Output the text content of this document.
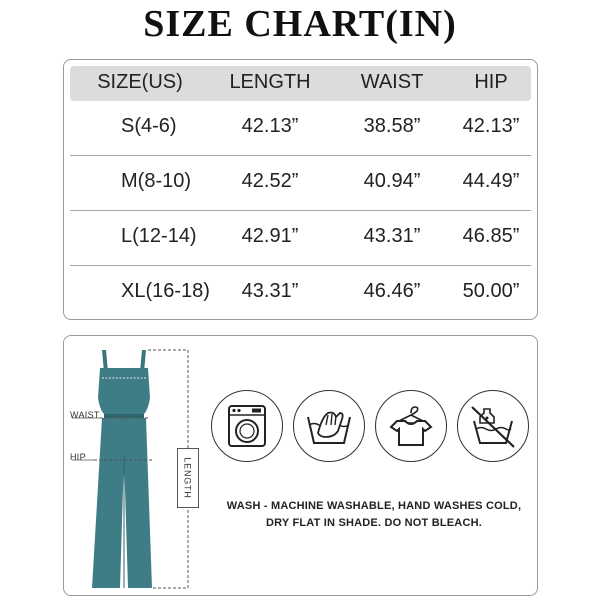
SIZE CHART(IN)
SIZE(US) LENGTH	WAIST	HIP
S(4-6)	42.13”	38.58” 42.13”
M(8-10)	42.52”	40.94” 44.49”
L(12-14) 42.91”	43.31” 46.85”
XL(16-18) 43.31”	46.46” 50.00”
WAIST
HIP
LENGTH
WASH - MACHINE WASHABLE, HAND WASHES COLD,
DRY FLAT IN SHADE. DO NOT BLEACH.
